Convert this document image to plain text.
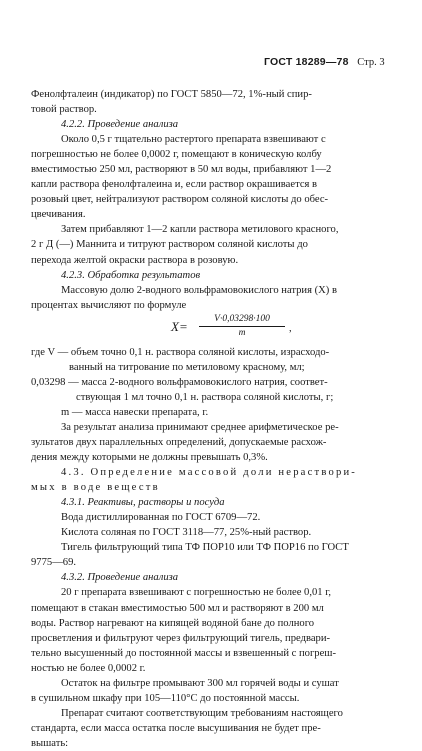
ГОСТ 18289—78 Стр. 3

Фенолфталеин (индикатор) по ГОСТ 5850—72, 1%-ный спир-

товой раствор.

4.2.2. Проведение анализа

Около 0,5 г тщательно растертого препарата взвешивают с

погрешностью не более 0,0002 г, помещают в коническую колбу

вместимостью 250 мл, растворяют в 50 мл воды, прибавляют 1—2

капли раствора фенолфталеина и, если раствор окрашивается в

розовый цвет, нейтрализуют раствором соляной кислоты до обес-

цвечивания.

Затем прибавляют 1—2 капли раствора метилового красного,

2 г Д (—) Маннита и титруют раствором соляной кислоты до

перехода желтой окраски раствора в розовую.

4.2.3. Обработка результатов

Массовую долю 2-водного вольфрамовокислого натрия (X) в

процентах вычисляют по формуле

$X= \frac{V\cdot 0,03298\cdot 100}{m}$ ,

где V — объем точно 0,1 н. раствора соляной кислоты, израсходо-
ванный на титрование по метиловому красному, мл;

0,03298 — масса 2-водного вольфрамовокислого натрия, соответ-
ствующая 1 мл точно 0,1 н. раствора соляной кислоты, г;

m — масса навески препарата, г.

За результат анализа принимают среднее арифметическое ре-

зультатов двух параллельных определений, допускаемые расхож-

дения между которыми не должны превышать 0,3%.

4.3. Определение массовой доли нераствори-

мых в воде веществ

4.3.1. Реактивы, растворы и посуда

Вода дистиллированная по ГОСТ 6709—72.

Кислота соляная по ГОСТ 3118—77, 25%-ный раствор.

Тигель фильтрующий типа ТФ ПОР10 или ТФ ПОР16 по ГОСТ

9775—69.

4.3.2. Проведение анализа

20 г препарата взвешивают с погрешностью не более 0,01 г,

помещают в стакан вместимостью 500 мл и растворяют в 200 мл

воды. Раствор нагревают на кипящей водяной бане до полного

просветления и фильтруют через фильтрующий тигель, предвари-

тельно высушенный до постоянной массы и взвешенный с погреш-

ностью не более 0,0002 г.

Остаток на фильтре промывают 300 мл горячей воды и сушат

в сушильном шкафу при 105—110°С до постоянной массы.

Препарат считают соответствующим требованиям настоящего

стандарта, если масса остатка после высушивания не будет пре-

вышать:
